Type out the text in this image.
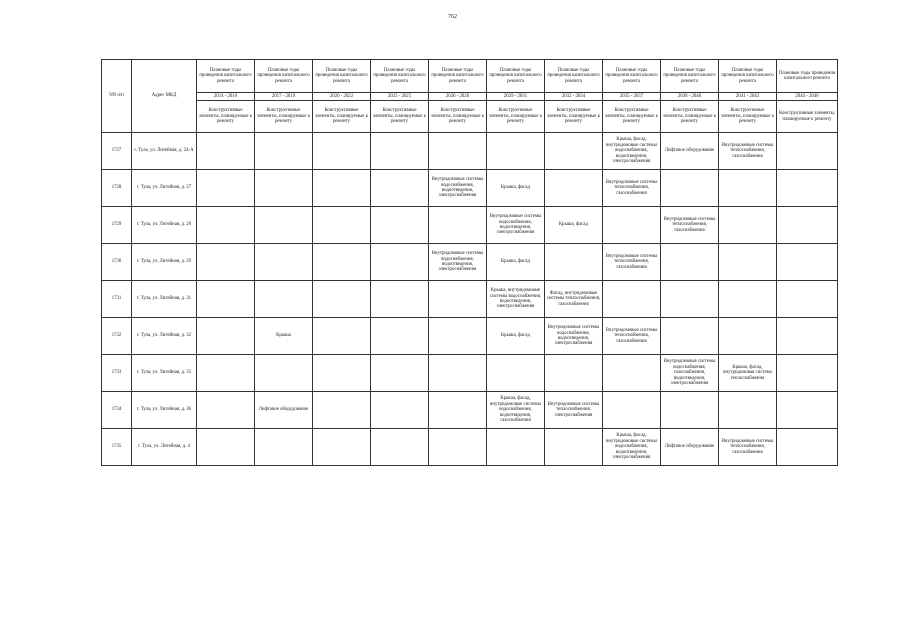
762
NN п/п	Адрес МКД	Плановые годы проведения капитального ремонта	Плановые годы проведения капитального ремонта	Плановые годы проведения капитального ремонта	Плановые годы проведения капитального ремонта	Плановые годы проведения капитального ремонта	Плановые годы проведения капитального ремонта	Плановые годы проведения капитального ремонта	Плановые годы проведения капитального ремонта	Плановые годы проведения капитального ремонта	Плановые годы проведения капитального ремонта	Плановые годы проведения капитального ремонта
		2014 - 2016	2017 - 2019	2020 - 2022	2023 - 2025	2026 - 2028	2029 - 2031	2032 - 2034	2035 - 2037	2038 - 2040	2041 - 2043	2044 - 2046
		Конструктивные элементы, планируемые к ремонту	Конструктивные элементы, планируемые к ремонту	Конструктивные элементы, планируемые к ремонту	Конструктивные элементы, планируемые к ремонту	Конструктивные элементы, планируемые к ремонту	Конструктивные элементы, планируемые к ремонту	Конструктивные элементы, планируемые к ремонту	Конструктивные элементы, планируемые к ремонту	Конструктивные элементы, планируемые к ремонту	Конструктивные элементы, планируемые к ремонту	Конструктивные элементы, планируемые к ремонту
1727	г. Тула, ул. Литейная, д. 24-А								Крыша, фасад, внутридомовые системы водоснабжения, водоотведения, электроснабжения	Лифтовое оборудование	Внутридомовые системы теплоснабжения, газоснабжения	
1728	г. Тула, ул. Литейная, д. 27					Внутридомовые системы водоснабжения, водоотведения, электроснабжения	Крыша, фасад		Внутридомовые системы теплоснабжения, газоснабжения			
1729	г. Тула, ул. Литейная, д. 28						Внутридомовые системы водоснабжения, водоотведения, электроснабжения	Крыша, фасад		Внутридомовые системы теплоснабжения, газоснабжения		
1730	г. Тула, ул. Литейная, д. 29					Внутридомовые системы водоснабжения, водоотведения, электроснабжения	Крыша, фасад		Внутридомовые системы теплоснабжения, газоснабжения			
1731	г. Тула, ул. Литейная, д. 31						Крыша, внутридомовые системы водоснабжения, водоотведения, электроснабжения	Фасад, внутридомовые системы теплоснабжения, газоснабжения				
1732	г. Тула, ул. Литейная, д. 32		Крыша				Крыша, фасад	Внутридомовые системы водоснабжения, водоотведения, электроснабжения	Внутридомовые системы теплоснабжения, газоснабжения			
1733	г. Тула, ул. Литейная, д. 33									Внутридомовые системы водоснабжения, газоснабжения, водоотведения, электроснабжения	Крыша, фасад, внутридомовая система теплоснабжения	
1734	г. Тула, ул. Литейная, д. 36		Лифтовое оборудование				Крыша, фасад, внутридомовые системы водоснабжения, водоотведения, газоснабжения	Внутридомовые системы теплоснабжения, электроснабжения				
1735	г. Тула, ул. Литейная, д. 4								Крыша, фасад, внутридомовые системы водоснабжения, водоотведения, электроснабжения	Лифтовое оборудование	Внутридомовые системы теплоснабжения, газоснабжения	
